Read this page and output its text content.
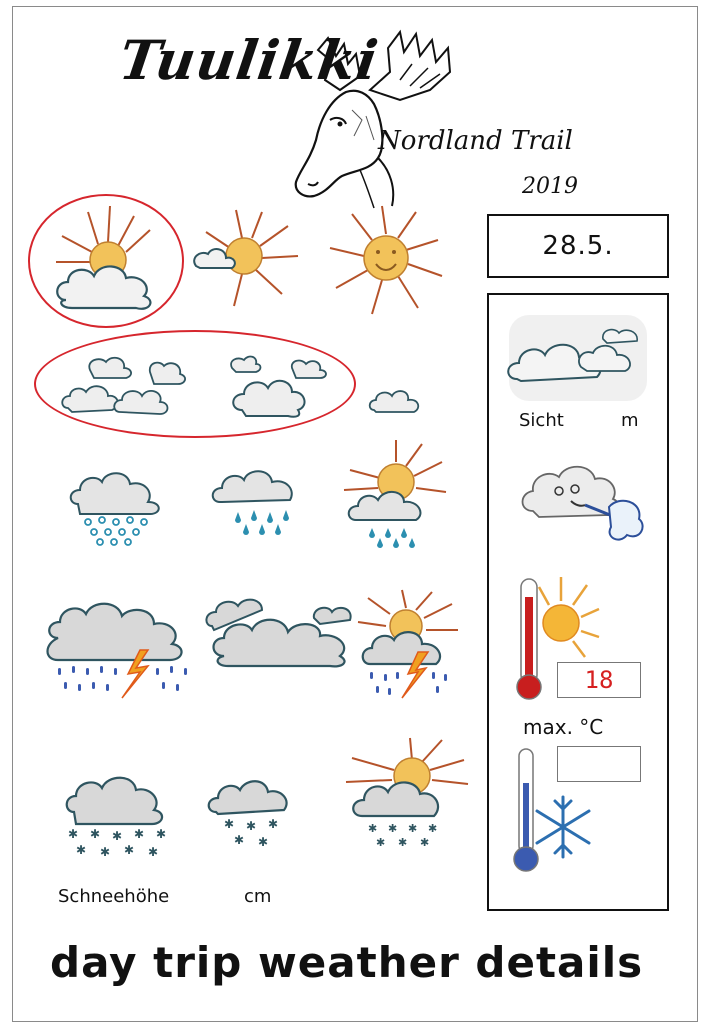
Tuulikki
Nordland Trail
2019
28.5.
✱ ✱ ✱ ✱ ✱
✱ ✱ ✱ ✱
✱ ✱ ✱
✱ ✱
✱ ✱ ✱ ✱
✱ ✱ ✱
Schneehöhe	cm
Sicht	m
18
max. °C
day trip weather details
